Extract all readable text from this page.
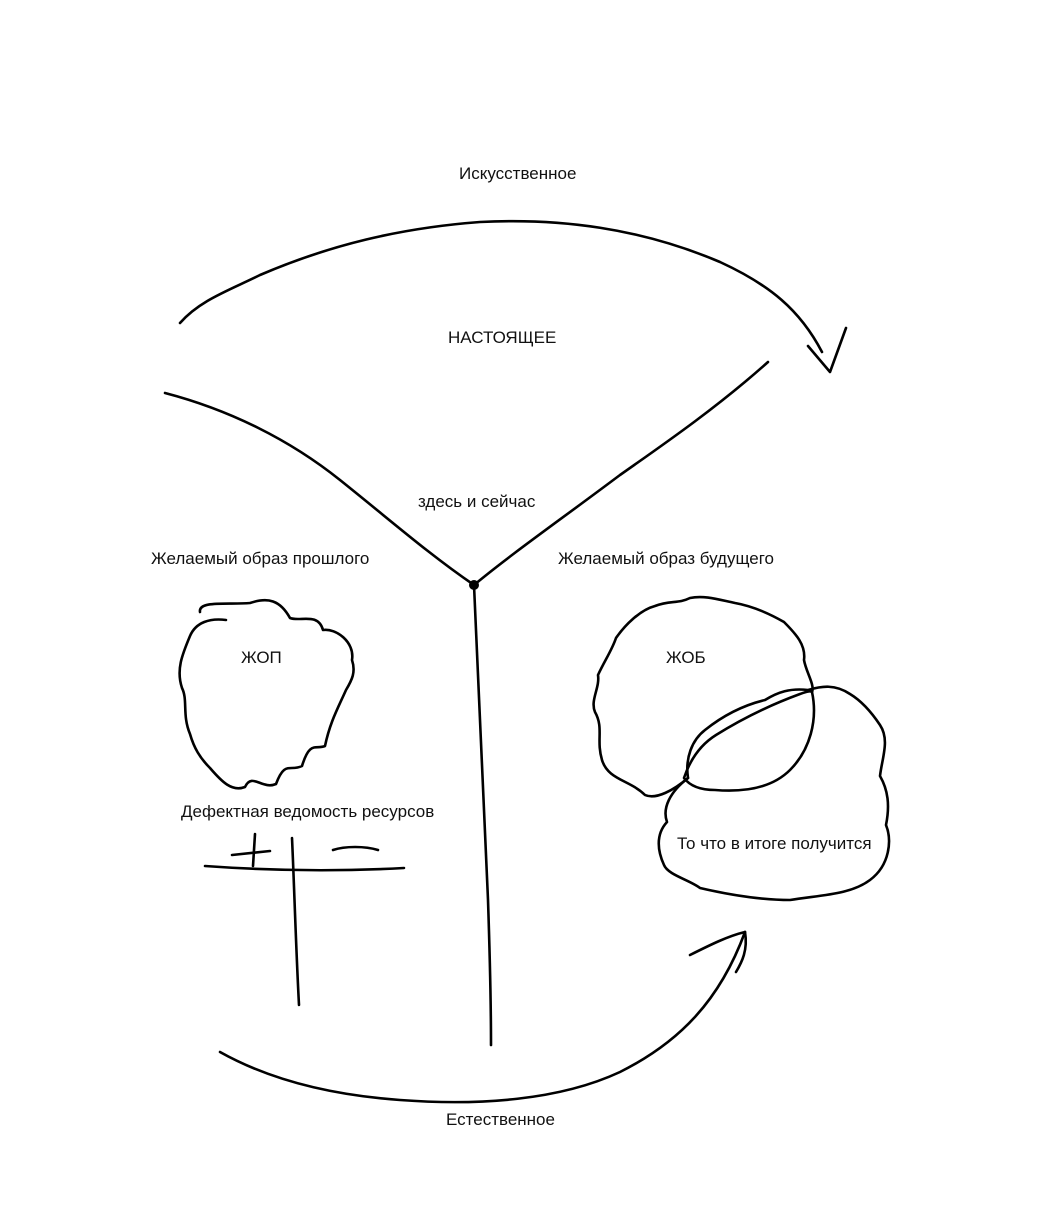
Искусственное
НАСТОЯЩЕЕ
здесь и сейчас
Желаемый образ прошлого	Желаемый образ будущего
ЖОП	ЖОБ
Дефектная ведомость ресурсов
То что в итоге получится
Естественное
